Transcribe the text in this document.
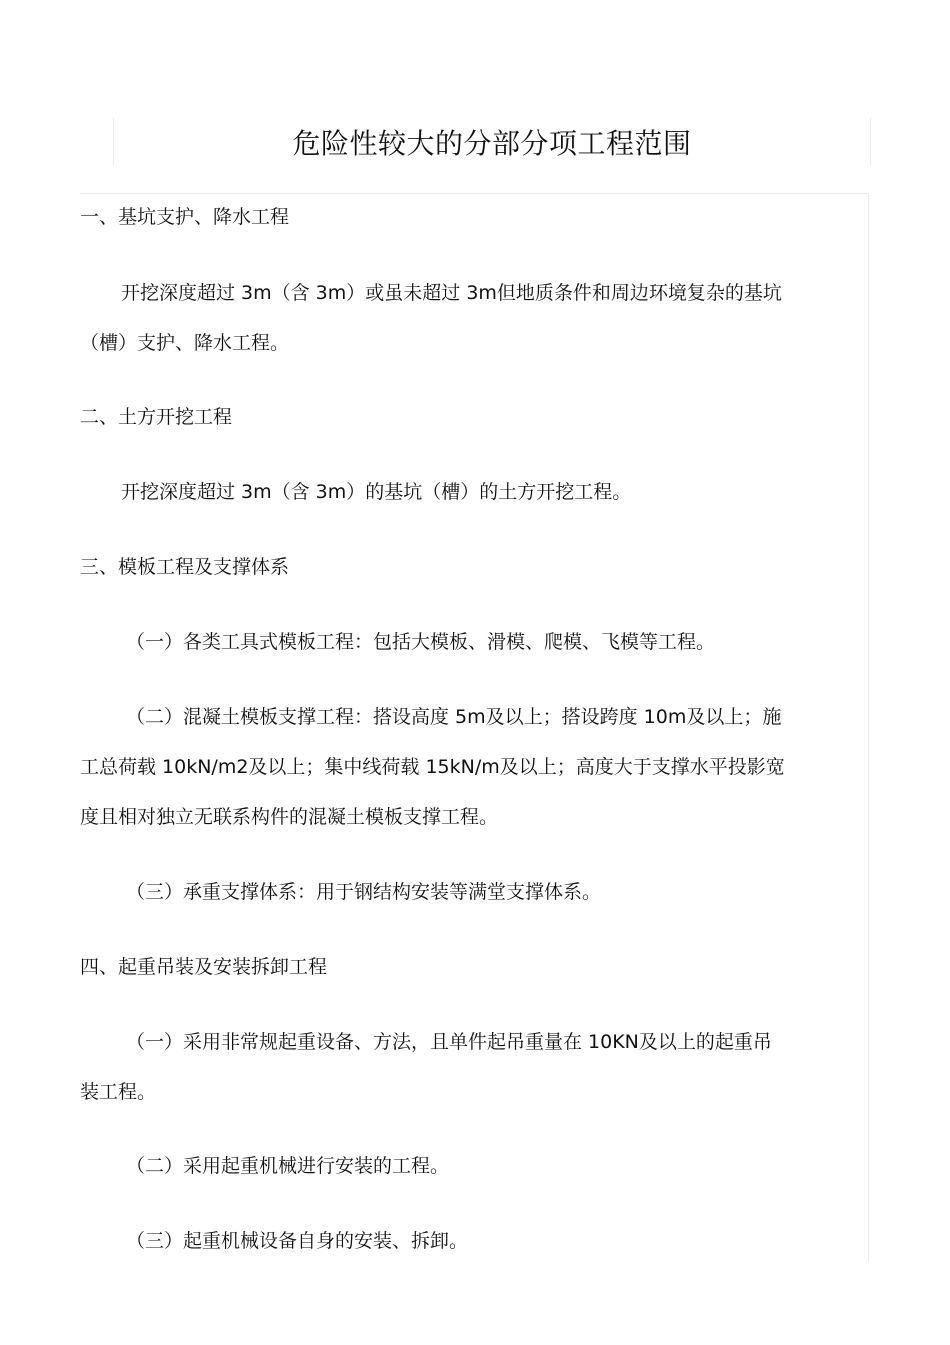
危险性较大的分部分项工程范围
一、基坑支护、降水工程
开挖深度超过 3m（含 3m）或虽未超过 3m但地质条件和周边环境复杂的基坑
（槽）支护、降水工程。
二、土方开挖工程
开挖深度超过 3m（含 3m）的基坑（槽）的土方开挖工程。
三、模板工程及支撑体系
（一）各类工具式模板工程：包括大模板、滑模、爬模、飞模等工程。
（二）混凝土模板支撑工程：搭设高度 5m及以上；搭设跨度 10m及以上；施
工总荷载 10kN/m2及以上；集中线荷载 15kN/m及以上；高度大于支撑水平投影宽
度且相对独立无联系构件的混凝土模板支撑工程。
（三）承重支撑体系：用于钢结构安装等满堂支撑体系。
四、起重吊装及安装拆卸工程
（一）采用非常规起重设备、方法，且单件起吊重量在 10KN及以上的起重吊
装工程。
（二）采用起重机械进行安装的工程。
（三）起重机械设备自身的安装、拆卸。
